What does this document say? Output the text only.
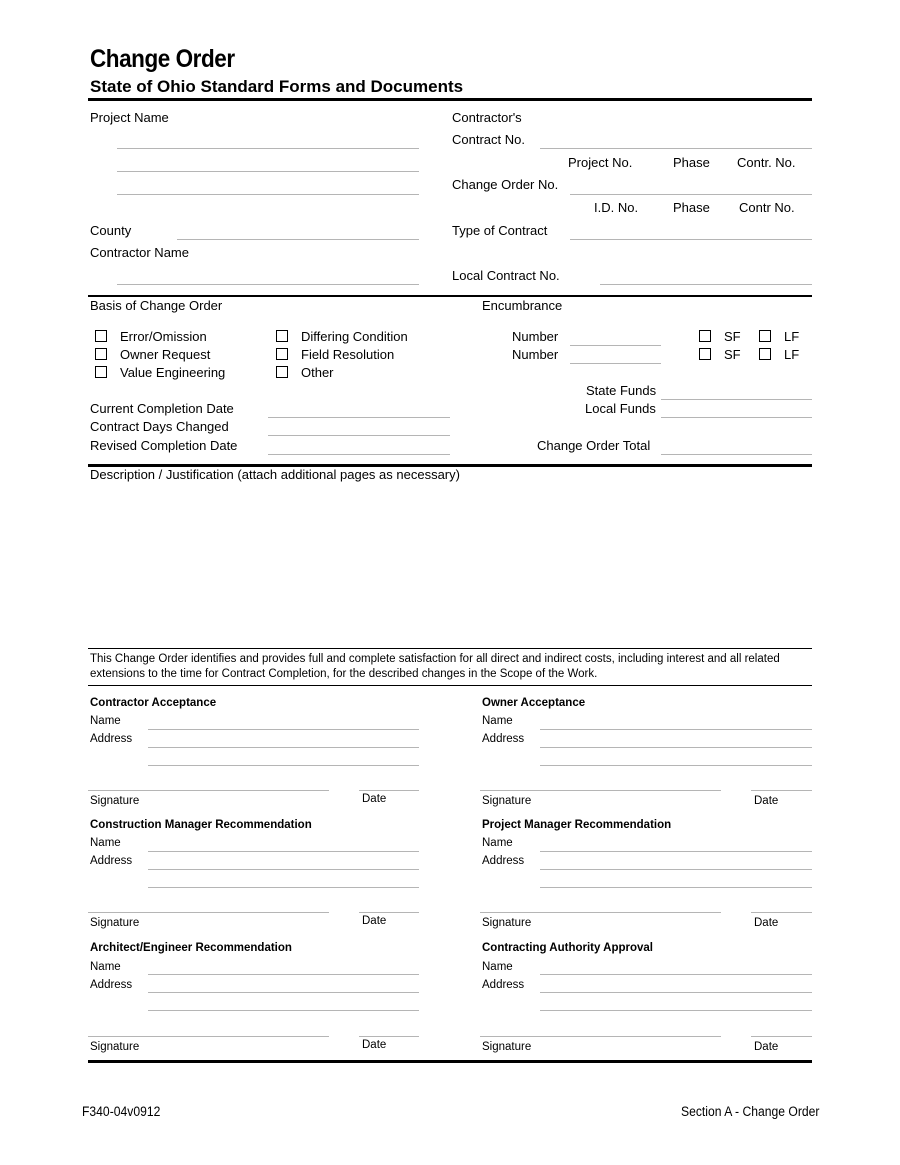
Change Order
State of Ohio Standard Forms and Documents
Project Name
County
Contractor Name
Contractor's
Contract No.
Project No.	Phase Contr. No.
Change Order No.
I.D. No.	Phase Contr No.
Type of Contract
Local Contract No.
Basis of Change Order
Error/Omission
Owner Request
Value Engineering
Differing Condition
Field Resolution
Other
Encumbrance
Number
Number
SF	LF
SF	LF
State Funds
Local Funds
Change Order Total
Current Completion Date
Contract Days Changed
Revised Completion Date
Description / Justification (attach additional pages as necessary)
This Change Order identifies and provides full and complete satisfaction for all direct and indirect costs, including interest and all related extensions to the time for Contract Completion, for the described changes in the Scope of the Work.
Contractor Acceptance
Name
Address
Signature	Date
Construction Manager Recommendation
Name
Address
Signature	Date
Architect/Engineer Recommendation
Name
Address
Signature	Date
Owner Acceptance
Name
Address
Signature	Date
Project Manager Recommendation
Name
Address
Signature	Date
Contracting Authority Approval
Name
Address
Signature	Date
F340-04v0912	Section A - Change Order
